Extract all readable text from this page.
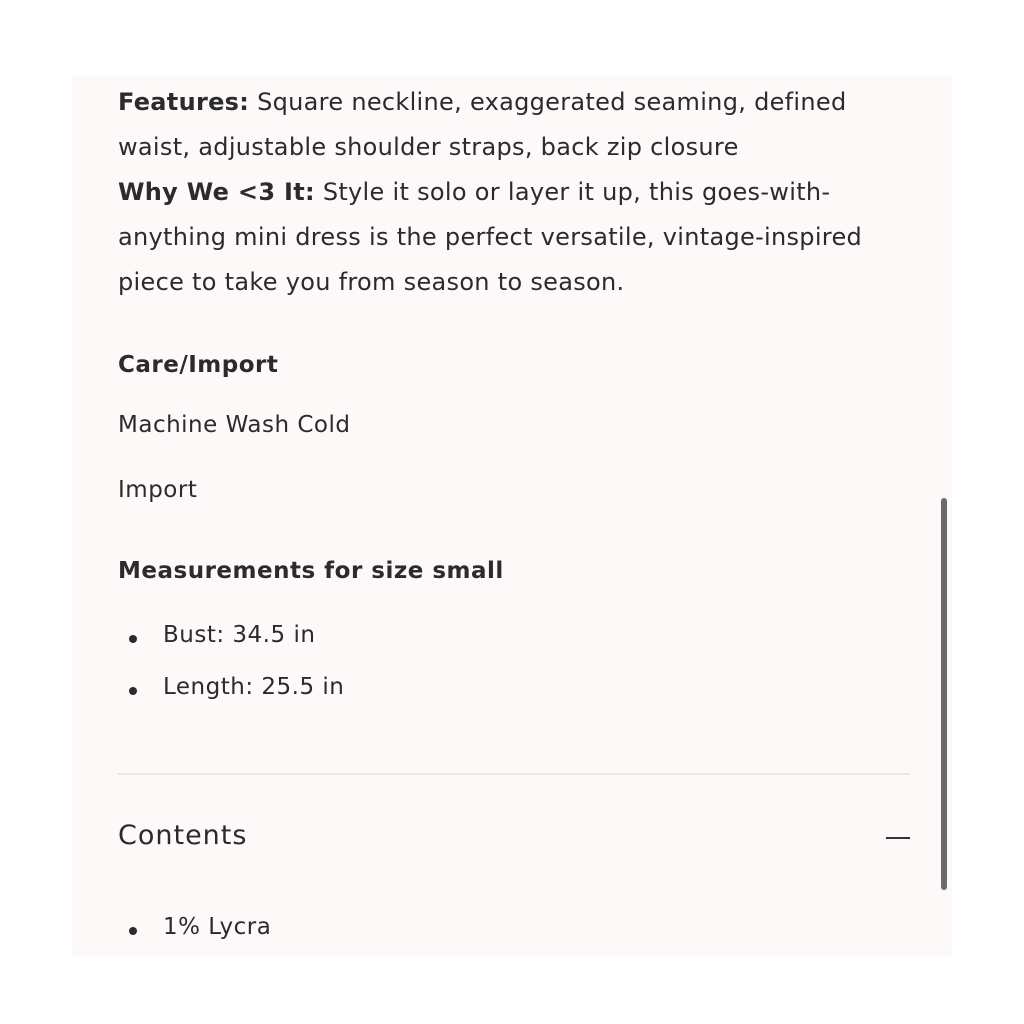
Features: Square neckline, exaggerated seaming, defined waist, adjustable shoulder straps, back zip closure
Why We <3 It: Style it solo or layer it up, this goes-with-anything mini dress is the perfect versatile, vintage-inspired piece to take you from season to season.

Care/Import

Machine Wash Cold

Import

Measurements for size small

Bust: 34.5 in
Length: 25.5 in
Contents
1% Lycra
